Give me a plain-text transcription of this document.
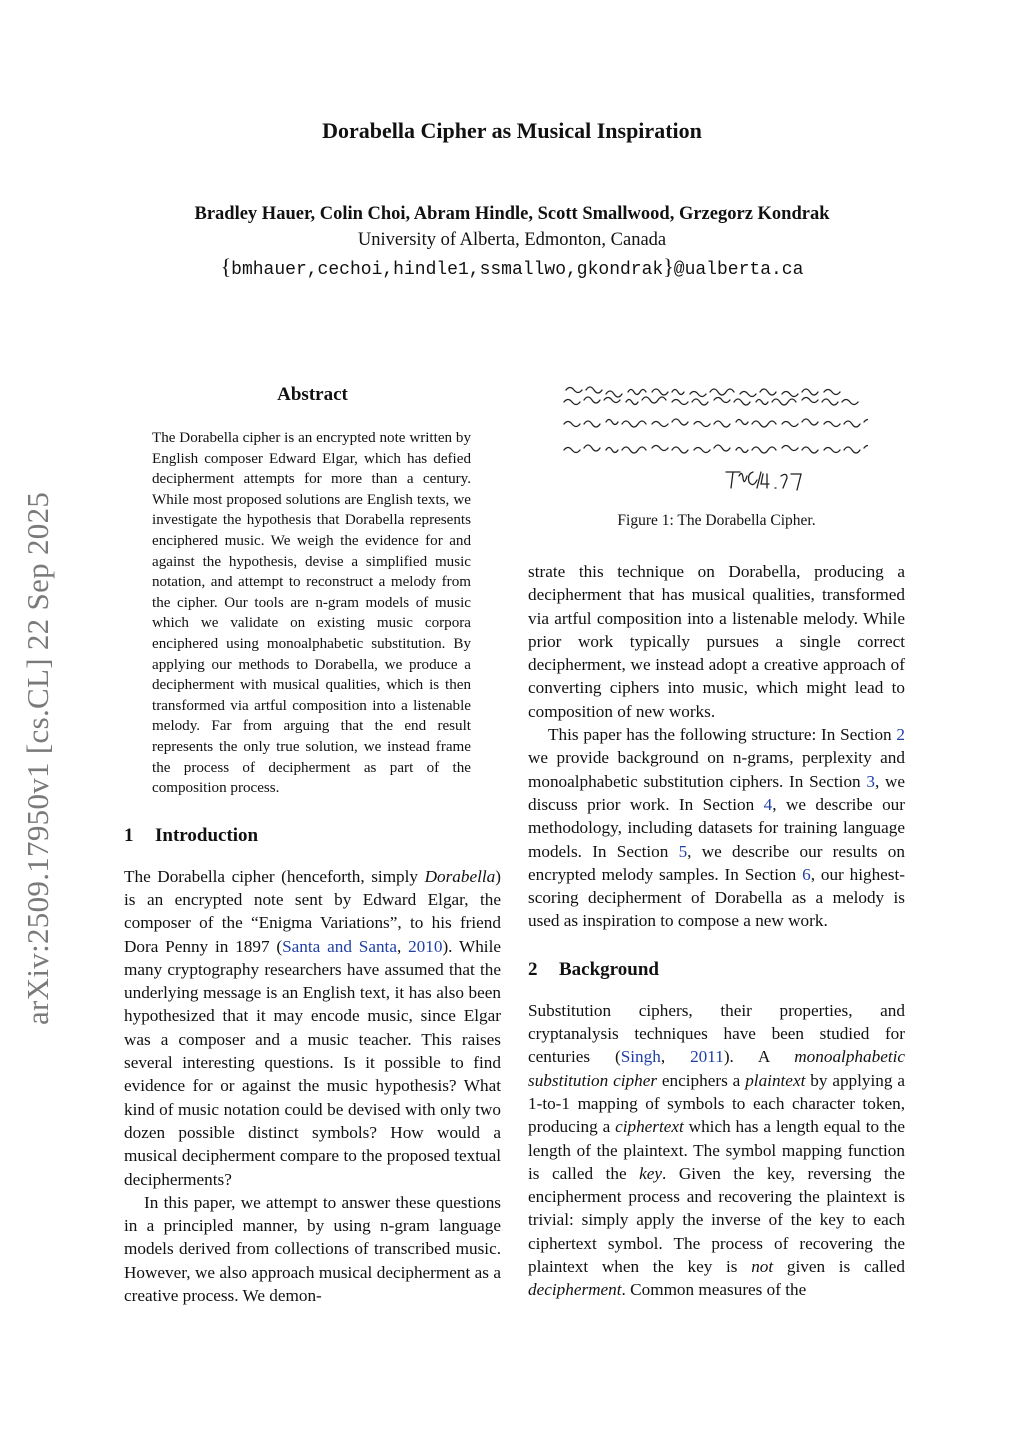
Dorabella Cipher as Musical Inspiration
Bradley Hauer, Colin Choi, Abram Hindle, Scott Smallwood, Grzegorz Kondrak
University of Alberta, Edmonton, Canada
{bmhauer,cechoi,hindle1,ssmallwo,gkondrak}@ualberta.ca
arXiv:2509.17950v1 [cs.CL] 22 Sep 2025
Abstract

The Dorabella cipher is an encrypted note written by English composer Edward Elgar, which has defied decipherment attempts for more than a century. While most proposed solutions are English texts, we investigate the hypothesis that Dorabella represents enciphered music. We weigh the evidence for and against the hypothesis, devise a simplified music notation, and attempt to reconstruct a melody from the cipher. Our tools are n-gram models of music which we validate on existing music corpora enciphered using monoalphabetic substitution. By applying our methods to Dorabella, we produce a decipherment with musical qualities, which is then transformed via artful composition into a listenable melody. Far from arguing that the end result represents the only true solution, we instead frame the process of decipherment as part of the composition process.

1 Introduction

The Dorabella cipher (henceforth, simply Dorabella) is an encrypted note sent by Edward Elgar, the composer of the “Enigma Variations”, to his friend Dora Penny in 1897 (Santa and Santa, 2010). While many cryptography researchers have assumed that the underlying message is an English text, it has also been hypothesized that it may encode music, since Elgar was a composer and a music teacher. This raises several interesting questions. Is it possible to find evidence for or against the music hypothesis? What kind of music notation could be devised with only two dozen possible distinct symbols? How would a musical decipherment compare to the proposed textual decipherments?

In this paper, we attempt to answer these questions in a principled manner, by using n-gram language models derived from collections of transcribed music. However, we also approach musical decipherment as a creative process. We demon-

Figure 1: The Dorabella Cipher.

strate this technique on Dorabella, producing a decipherment that has musical qualities, transformed via artful composition into a listenable melody. While prior work typically pursues a single correct decipherment, we instead adopt a creative approach of converting ciphers into music, which might lead to composition of new works.

This paper has the following structure: In Section 2 we provide background on n-grams, perplexity and monoalphabetic substitution ciphers. In Section 3, we discuss prior work. In Section 4, we describe our methodology, including datasets for training language models. In Section 5, we describe our results on encrypted melody samples. In Section 6, our highest-scoring decipherment of Dorabella as a melody is used as inspiration to compose a new work.

2 Background

Substitution ciphers, their properties, and cryptanalysis techniques have been studied for centuries (Singh, 2011). A monoalphabetic substitution cipher enciphers a plaintext by applying a 1-to-1 mapping of symbols to each character token, producing a ciphertext which has a length equal to the length of the plaintext. The symbol mapping function is called the key. Given the key, reversing the encipherment process and recovering the plaintext is trivial: simply apply the inverse of the key to each ciphertext symbol. The process of recovering the plaintext when the key is not given is called decipherment. Common measures of the
